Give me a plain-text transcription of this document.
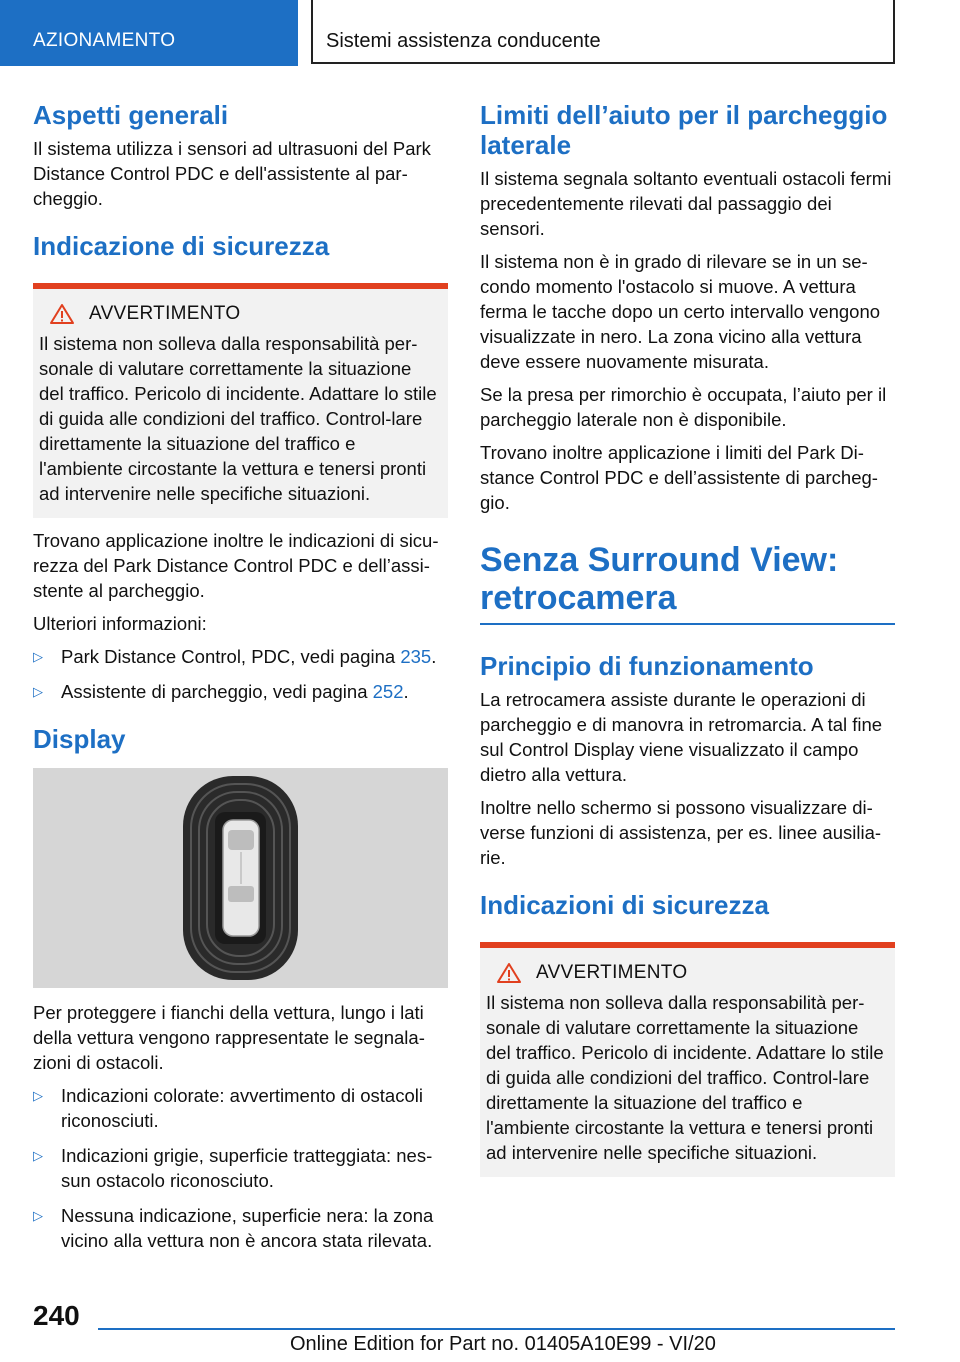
AZIONAMENTO	Sistemi assistenza conducente
Aspetti generali

Il sistema utilizza i sensori ad ultrasuoni del Park Distance Control PDC e dell'assistente al par-cheggio.

Indicazione di sicurezza
AVVERTIMENTO

Il sistema non solleva dalla responsabilità per-sonale di valutare correttamente la situazione del traffico. Pericolo di incidente. Adattare lo stile di guida alle condizioni del traffico. Control-lare direttamente la situazione del traffico e l'ambiente circostante la vettura e tenersi pronti ad intervenire nelle specifiche situazioni.

Trovano applicazione inoltre le indicazioni di sicu-rezza del Park Distance Control PDC e dell’assi-stente al parcheggio.

Ulteriori informazioni:

▷ Park Distance Control, PDC, vedi pagina 235.
▷ Assistente di parcheggio, vedi pagina 252.
Display

Per proteggere i fianchi della vettura, lungo i lati della vettura vengono rappresentate le segnala-zioni di ostacoli.

▷ Indicazioni colorate: avvertimento di ostacoli riconosciuti.
▷ Indicazioni grigie, superficie tratteggiata: nes-sun ostacolo riconosciuto.
▷ Nessuna indicazione, superficie nera: la zona vicino alla vettura non è ancora stata rilevata.
Limiti dell’aiuto per il parcheggio laterale

Il sistema segnala soltanto eventuali ostacoli fermi precedentemente rilevati dal passaggio dei sensori.

Il sistema non è in grado di rilevare se in un se-condo momento l'ostacolo si muove. A vettura ferma le tacche dopo un certo intervallo vengono visualizzate in nero. La zona vicino alla vettura deve essere nuovamente misurata.

Se la presa per rimorchio è occupata, l’aiuto per il parcheggio laterale non è disponibile.

Trovano inoltre applicazione i limiti del Park Di-stance Control PDC e dell’assistente di parcheg-gio.

Senza Surround View: retrocamera
Principio di funzionamento

La retrocamera assiste durante le operazioni di parcheggio e di manovra in retromarcia. A tal fine sul Control Display viene visualizzato il campo dietro alla vettura.

Inoltre nello schermo si possono visualizzare di-verse funzioni di assistenza, per es. linee ausilia-rie.

Indicazioni di sicurezza
AVVERTIMENTO

Il sistema non solleva dalla responsabilità per-sonale di valutare correttamente la situazione del traffico. Pericolo di incidente. Adattare lo stile di guida alle condizioni del traffico. Control-lare direttamente la situazione del traffico e l'ambiente circostante la vettura e tenersi pronti ad intervenire nelle specifiche situazioni.

240
Online Edition for Part no. 01405A10E99 - VI/20
